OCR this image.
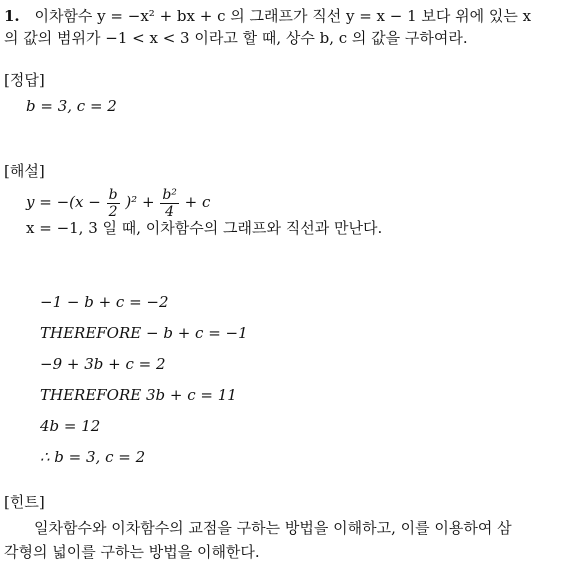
1. 이차함수 y = −x² + bx + c 의 그래프가 직선 y = x − 1 보다 위에 있는 x
의 값의 범위가 −1 < x < 3 이라고 할 때, 상수 b, c 의 값을 구하여라.
[정답]
b = 3, c = 2
[해설]
$y = -(x - \frac{b}{2} )^2 + \frac{\text{b²}}{4} + c$
x = −1, 3 일 때, 이차함수의 그래프와 직선과 만난다.
−1 − b + c = −2
THEREFORE − b + c = −1
−9 + 3b + c = 2
THEREFORE 3b + c = 11
4b = 12
∴ b = 3, c = 2
[힌트]
일차함수와 이차함수의 교점을 구하는 방법을 이해하고, 이를 이용하여 삼
각형의 넓이를 구하는 방법을 이해한다.
